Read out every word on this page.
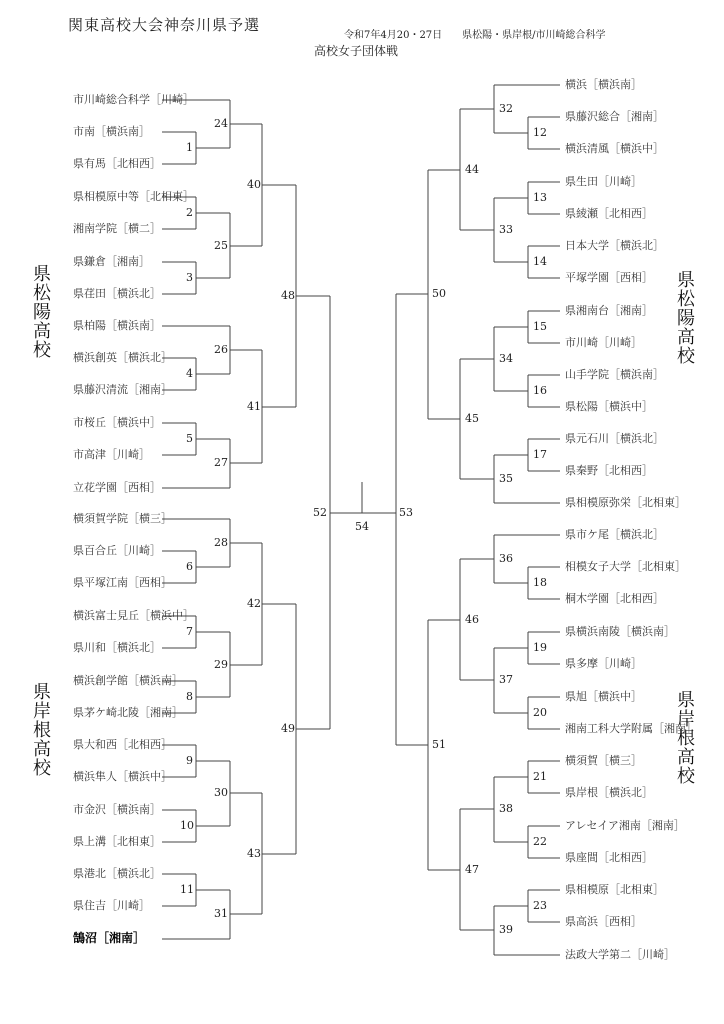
関東高校大会神奈川県予選
令和7年4月20・27日　　県松陽・県岸根/市川崎総合科学
高校女子団体戦
県松陽高校
県岸根高校
県松陽高校
県岸根高校
市川崎総合科学［川崎］
市南［横浜南］
県有馬［北相西］
県相模原中等［北相東］
湘南学院［横二］
県鎌倉［湘南］
県荏田［横浜北］
県柏陽［横浜南］
横浜創英［横浜北］
県藤沢清流［湘南］
市桜丘［横浜中］
市高津［川崎］
立花学園［西相］
横須賀学院［横三］
県百合丘［川崎］
県平塚江南［西相］
横浜富士見丘［横浜中］
県川和［横浜北］
横浜創学館［横浜南］
県茅ケ崎北陵［湘南］
県大和西［北相西］
横浜隼人［横浜中］
市金沢［横浜南］
県上溝［北相東］
県港北［横浜北］
県住吉［川崎］
鵠沼［湘南］
横浜［横浜南］
県藤沢総合［湘南］
横浜清風［横浜中］
県生田［川崎］
県綾瀬［北相西］
日本大学［横浜北］
平塚学園［西相］
県湘南台［湘南］
市川崎［川崎］
山手学院［横浜南］
県松陽［横浜中］
県元石川［横浜北］
県秦野［北相西］
県相模原弥栄［北相東］
県市ケ尾［横浜北］
相模女子大学［北相東］
桐木学園［北相西］
県横浜南陵［横浜南］
県多摩［川崎］
県旭［横浜中］
湘南工科大学附属［湘南］
横須賀［横三］
県岸根［横浜北］
アレセイア湘南［湘南］
県座間［北相西］
県相模原［北相東］
県高浜［西相］
法政大学第二［川崎］
1
2
3
4
5
6
7
8
9
10
11
24
25
26
27
28
29
30
31
40
41
42
43
48
49
52
54
12
13
14
15
16
17
18
19
20
21
22
23
32
33
34
35
36
37
38
39
44
45
46
47
50
51
53
